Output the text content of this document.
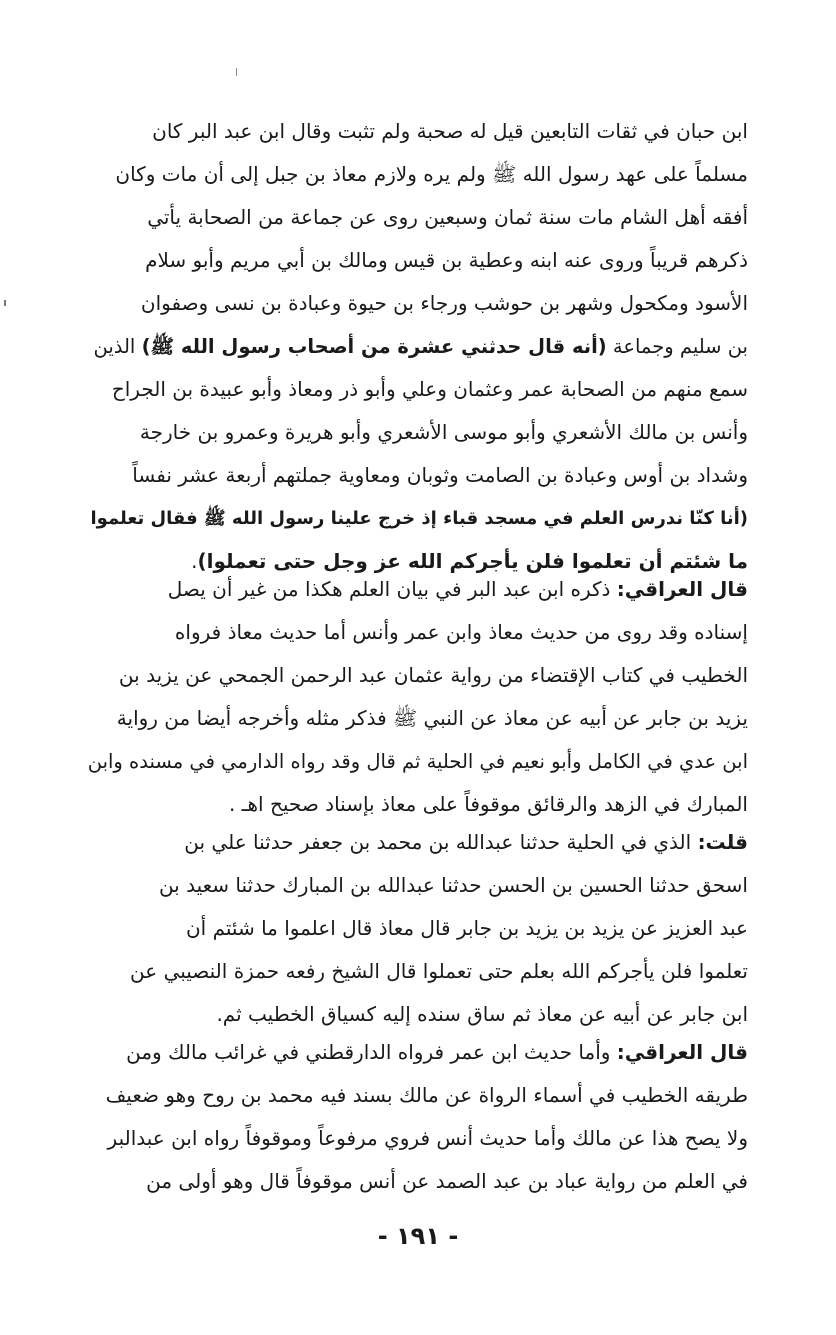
ابن حبان في ثقات التابعين قيل له صحبة ولم تثبت وقال ابن عبد البر كان
مسلماً على عهد رسول الله ﷺ ولم يره ولازم معاذ بن جبل إلى أن مات وكان
أفقه أهل الشام مات سنة ثمان وسبعين روى عن جماعة من الصحابة يأتي
ذكرهم قريباً وروى عنه ابنه وعطية بن قيس ومالك بن أبي مريم وأبو سلام
الأسود ومكحول وشهر بن حوشب ورجاء بن حيوة وعبادة بن نسى وصفوان
بن سليم وجماعة (أنه قال حدثني عشرة من أصحاب رسول الله ﷺ) الذين
سمع منهم من الصحابة عمر وعثمان وعلي وأبو ذر ومعاذ وأبو عبيدة بن الجراح
وأنس بن مالك الأشعري وأبو موسى الأشعري وأبو هريرة وعمرو بن خارجة
وشداد بن أوس وعبادة بن الصامت وثوبان ومعاوية جملتهم أربعة عشر نفساً
(أنا كنّا ندرس العلم في مسجد قباء إذ خرج علينا رسول الله ﷺ فقال تعلموا
ما شئتم أن تعلموا فلن يأجركم الله عز وجل حتى تعملوا).
قال العراقي: ذكره ابن عبد البر في بيان العلم هكذا من غير أن يصل
إسناده وقد روى من حديث معاذ وابن عمر وأنس أما حديث معاذ فرواه
الخطيب في كتاب الإقتضاء من رواية عثمان عبد الرحمن الجمحي عن يزيد بن
يزيد بن جابر عن أبيه عن معاذ عن النبي ﷺ فذكر مثله وأخرجه أيضا من رواية
ابن عدي في الكامل وأبو نعيم في الحلية ثم قال وقد رواه الدارمي في مسنده وابن
المبارك في الزهد والرقائق موقوفاً على معاذ بإسناد صحيح اهـ .
قلت: الذي في الحلية حدثنا عبدالله بن محمد بن جعفر حدثنا علي بن
اسحق حدثنا الحسين بن الحسن حدثنا عبدالله بن المبارك حدثنا سعيد بن
عبد العزيز عن يزيد بن يزيد بن جابر قال معاذ قال اعلموا ما شئتم أن
تعلموا فلن يأجركم الله بعلم حتى تعملوا قال الشيخ رفعه حمزة النصيبي عن
ابن جابر عن أبيه عن معاذ ثم ساق سنده إليه كسياق الخطيب ثم.
قال العراقي: وأما حديث ابن عمر فرواه الدارقطني في غرائب مالك ومن
طريقه الخطيب في أسماء الرواة عن مالك بسند فيه محمد بن روح وهو ضعيف
ولا يصح هذا عن مالك وأما حديث أنس فروي مرفوعاً وموقوفاً رواه ابن عبدالبر
في العلم من رواية عباد بن عبد الصمد عن أنس موقوفاً قال وهو أولى من
- ١٩١ -
